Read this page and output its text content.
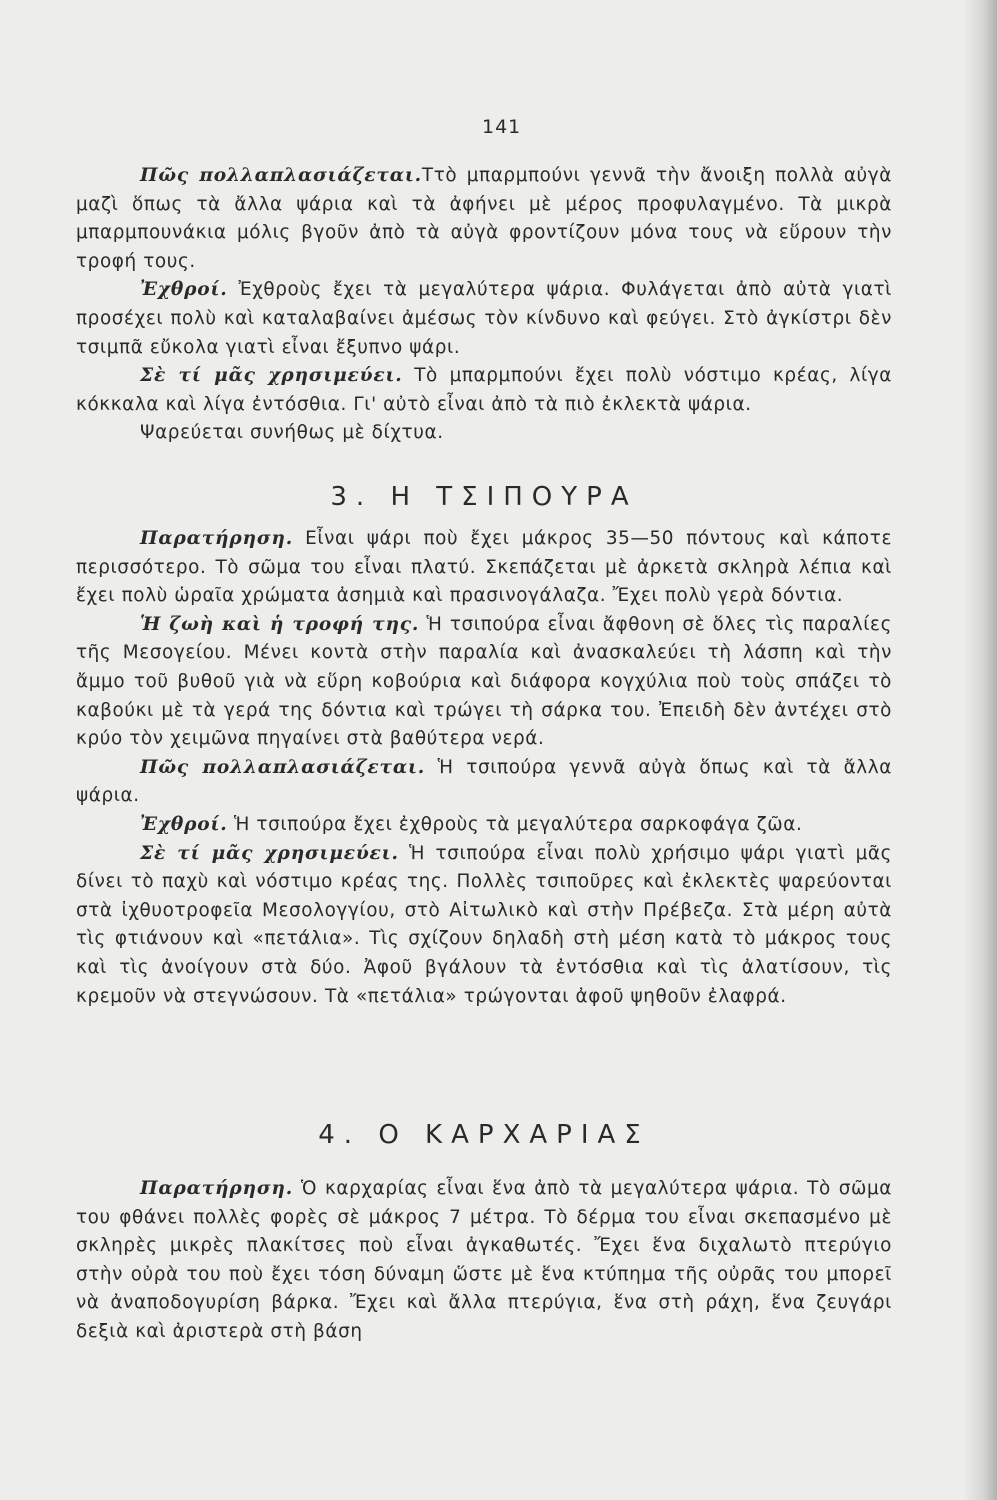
141

Πῶς πολλαπλασιάζεται.Ττὸ μπαρμπούνι γεννᾶ τὴν ἄνοιξη πολλὰ αὐγὰ μαζὶ ὅπως τὰ ἄλλα ψάρια καὶ τὰ ἀφήνει μὲ μέρος προφυλαγμένο. Τὰ μικρὰ μπαρμπουνάκια μόλις βγοῦν ἀπὸ τὰ αὐγὰ φροντίζουν μόνα τους νὰ εὕρουν τὴν τροφή τους.

Ἐχθροί. Ἐχθροὺς ἔχει τὰ μεγαλύτερα ψάρια. Φυλάγεται ἀπὸ αὐτὰ γιατὶ προσέχει πολὺ καὶ καταλαβαίνει ἀμέσως τὸν κίνδυνο καὶ φεύγει. Στὸ ἀγκίστρι δὲν τσιμπᾶ εὔκολα γιατὶ εἶναι ἔξυπνο ψάρι.

Σὲ τί μᾶς χρησιμεύει. Τὸ μπαρμπούνι ἔχει πολὺ νόστιμο κρέας, λίγα κόκκαλα καὶ λίγα ἐντόσθια. Γι' αὐτὸ εἶναι ἀπὸ τὰ πιὸ ἐκλεκτὰ ψάρια.

Ψαρεύεται συνήθως μὲ δίχτυα.

3. Η ΤΣΙΠΟΥΡΑ

Παρατήρηση. Εἶναι ψάρι ποὺ ἔχει μάκρος 35—50 πόντους καὶ κάποτε περισσότερο. Τὸ σῶμα του εἶναι πλατύ. Σκεπάζεται μὲ ἀρκετὰ σκληρὰ λέπια καὶ ἔχει πολὺ ὡραῖα χρώματα ἀσημιὰ καὶ πρασινογάλαζα. Ἔχει πολὺ γερὰ δόντια.

Ἡ ζωὴ καὶ ἡ τροφή της. Ἡ τσιπούρα εἶναι ἄφθονη σὲ ὅλες τὶς παραλίες τῆς Μεσογείου. Μένει κοντὰ στὴν παραλία καὶ ἀνασκαλεύει τὴ λάσπη καὶ τὴν ἄμμο τοῦ βυθοῦ γιὰ νὰ εὕρη κοβούρια καὶ διάφορα κογχύλια ποὺ τοὺς σπάζει τὸ καβούκι μὲ τὰ γερά της δόντια καὶ τρώγει τὴ σάρκα του. Ἐπειδὴ δὲν ἀντέχει στὸ κρύο τὸν χειμῶνα πηγαίνει στὰ βαθύτερα νερά.

Πῶς πολλαπλασιάζεται. Ἡ τσιπούρα γεννᾶ αὐγὰ ὅπως καὶ τὰ ἄλλα ψάρια.

Ἐχθροί. Ἡ τσιπούρα ἔχει ἐχθροὺς τὰ μεγαλύτερα σαρκοφάγα ζῶα.

Σὲ τί μᾶς χρησιμεύει. Ἡ τσιπούρα εἶναι πολὺ χρήσιμο ψάρι γιατὶ μᾶς δίνει τὸ παχὺ καὶ νόστιμο κρέας της. Πολλὲς τσιποῦρες καὶ ἐκλεκτὲς ψαρεύονται στὰ ἰχθυοτροφεῖα Μεσολογγίου, στὸ Αἰτωλικὸ καὶ στὴν Πρέβεζα. Στὰ μέρη αὐτὰ τὶς φτιάνουν καὶ «πετάλια». Τὶς σχίζουν δηλαδὴ στὴ μέση κατὰ τὸ μάκρος τους καὶ τὶς ἀνοίγουν στὰ δύο. Ἀφοῦ βγάλουν τὰ ἐντόσθια καὶ τὶς ἀλατίσουν, τὶς κρεμοῦν νὰ στεγνώσουν. Τὰ «πετάλια» τρώγονται ἀφοῦ ψηθοῦν ἐλαφρά.

4. Ο ΚΑΡΧΑΡΙΑΣ

Παρατήρηση. Ὁ καρχαρίας εἶναι ἕνα ἀπὸ τὰ μεγαλύτερα ψάρια. Τὸ σῶμα του φθάνει πολλὲς φορὲς σὲ μάκρος 7 μέτρα. Τὸ δέρμα του εἶναι σκεπασμένο μὲ σκληρὲς μικρὲς πλακίτσες ποὺ εἶναι ἀγκαθωτές. Ἔχει ἕνα διχαλωτὸ πτερύγιο στὴν οὐρὰ του ποὺ ἔχει τόση δύναμη ὥστε μὲ ἕνα κτύπημα τῆς οὐρᾶς του μπορεῖ νὰ ἀναποδογυρίση βάρκα. Ἔχει καὶ ἄλλα πτερύγια, ἕνα στὴ ράχη, ἕνα ζευγάρι δεξιὰ καὶ ἀριστερὰ στὴ βάση
